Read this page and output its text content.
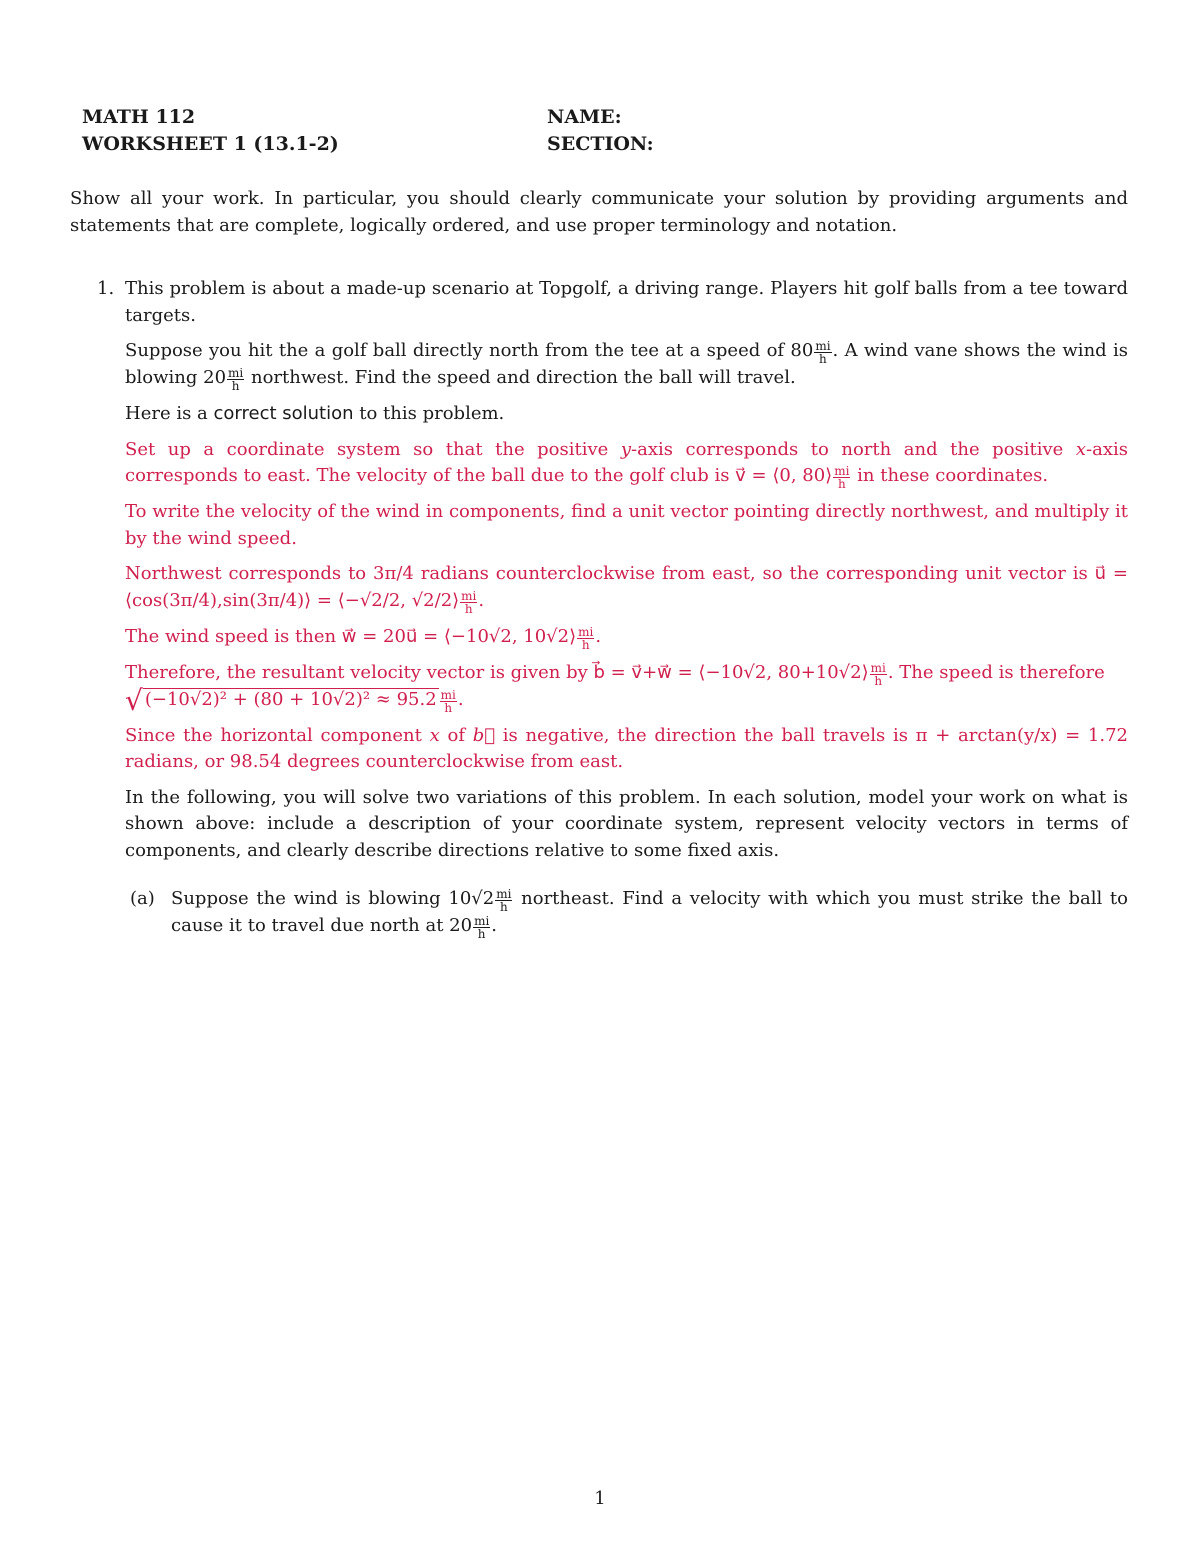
MATH 112	NAME:
WORKSHEET 1 (13.1-2)	SECTION:
Show all your work. In particular, you should clearly communicate your solution by providing arguments and statements that are complete, logically ordered, and use proper terminology and notation.
1. This problem is about a made-up scenario at Topgolf, a driving range. Players hit golf balls from a tee toward targets.

Suppose you hit the a golf ball directly north from the tee at a speed of $80 \frac{mi}{h}$ . A wind vane shows the wind is blowing $20 \frac{mi}{h}$ northwest. Find the speed and direction the ball will travel.

Here is a correct solution to this problem.

Set up a coordinate system so that the positive y-axis corresponds to north and the positive x-axis corresponds to east. The velocity of the ball due to the golf club is v⃗ = ⟨0, 80⟩ $\frac{mi}{h}$ in these coordinates.

To write the velocity of the wind in components, find a unit vector pointing directly northwest, and multiply it by the wind speed.

Northwest corresponds to 3π/4 radians counterclockwise from east, so the corresponding unit vector is u⃗ = ⟨cos(3π/4),sin(3π/4)⟩ = ⟨−√2/2, √2/2⟩ $\frac{mi}{h}$ .

The wind speed is then w⃗ = 20u⃗ = ⟨−10√2, 10√2⟩ $\frac{mi}{h}$ .

Therefore, the resultant velocity vector is given by b⃗ = v⃗+w⃗ = ⟨−10√2, 80+10√2⟩ $\frac{mi}{h}$ . The speed is therefore
√ $(-10√2)^2 + (80 + 10√2)^2 \approx 95.2 \frac{mi}{h}$ .

Since the horizontal component x of b⃗ is negative, the direction the ball travels is π + arctan(y/x) = 1.72 radians, or 98.54 degrees counterclockwise from east.

In the following, you will solve two variations of this problem. In each solution, model your work on what is shown above: include a description of your coordinate system, represent velocity vectors in terms of components, and clearly describe directions relative to some fixed axis.

(a) Suppose the wind is blowing $10√2 \frac{mi}{h}$ northeast. Find a velocity with which you must strike the ball to cause it to travel due north at $20 \frac{mi}{h}$ .
1
